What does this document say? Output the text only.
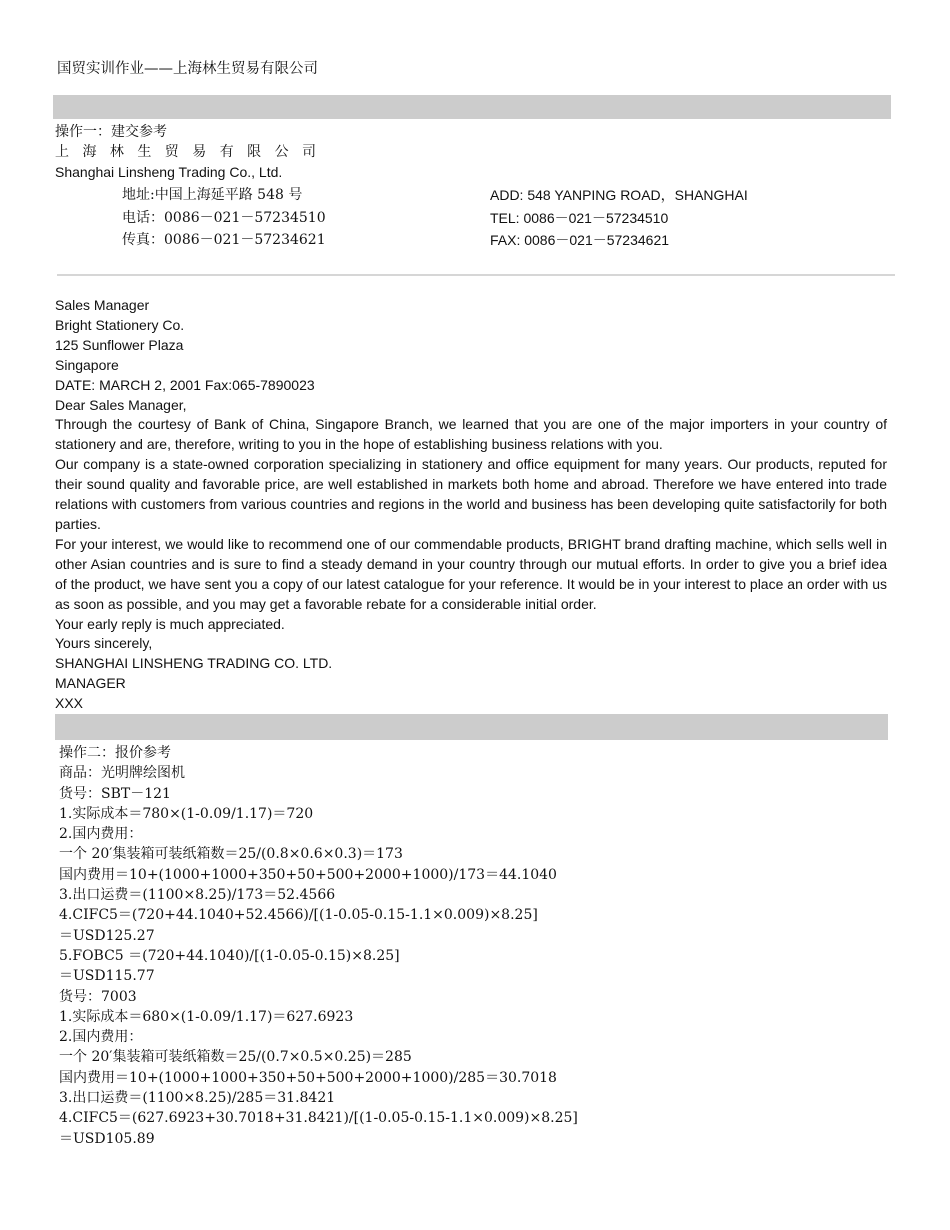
国贸实训作业——上海林生贸易有限公司
操作一：建交参考
上 海 林 生 贸 易 有 限 公 司
Shanghai Linsheng Trading Co., Ltd.
地址:中国上海延平路 548 号	ADD: 548 YANPING ROAD，SHANGHAI
电话：0086－021－57234510	TEL: 0086－021－57234510
传真：0086－021－57234621	FAX: 0086－021－57234621

Sales Manager

Bright Stationery Co.

125 Sunflower Plaza

Singapore

DATE: MARCH 2, 2001 Fax:065-7890023

Dear Sales Manager,

Through the courtesy of Bank of China, Singapore Branch, we learned that you are one of the major importers in your country of stationery and are, therefore, writing to you in the hope of establishing business relations with you.

Our company is a state-owned corporation specializing in stationery and office equipment for many years. Our products, reputed for their sound quality and favorable price, are well established in markets both home and abroad. Therefore we have entered into trade relations with customers from various countries and regions in the world and business has been developing quite satisfactorily for both parties.

For your interest, we would like to recommend one of our commendable products, BRIGHT brand drafting machine, which sells well in other Asian countries and is sure to find a steady demand in your country through our mutual efforts. In order to give you a brief idea of the product, we have sent you a copy of our latest catalogue for your reference. It would be in your interest to place an order with us as soon as possible, and you may get a favorable rebate for a considerable initial order.

Your early reply is much appreciated.

Yours sincerely,

SHANGHAI LINSHENG TRADING CO. LTD.

MANAGER

XXX

操作二：报价参考
商品：光明牌绘图机
货号：SBT－121
1.实际成本＝780×(1-0.09/1.17)＝720
2.国内费用：
一个 20′集装箱可装纸箱数＝25/(0.8×0.6×0.3)＝173
国内费用＝10+(1000+1000+350+50+500+2000+1000)/173＝44.1040
3.出口运费＝(1100×8.25)/173＝52.4566
4.CIFC5＝(720+44.1040+52.4566)/[(1-0.05-0.15-1.1×0.009)×8.25]
＝USD125.27
5.FOBC5 ＝(720+44.1040)/[(1-0.05-0.15)×8.25]
＝USD115.77
货号：7003
1.实际成本＝680×(1-0.09/1.17)＝627.6923
2.国内费用：
一个 20′集装箱可装纸箱数＝25/(0.7×0.5×0.25)＝285
国内费用＝10+(1000+1000+350+50+500+2000+1000)/285＝30.7018
3.出口运费＝(1100×8.25)/285＝31.8421
4.CIFC5＝(627.6923+30.7018+31.8421)/[(1-0.05-0.15-1.1×0.009)×8.25]
＝USD105.89
